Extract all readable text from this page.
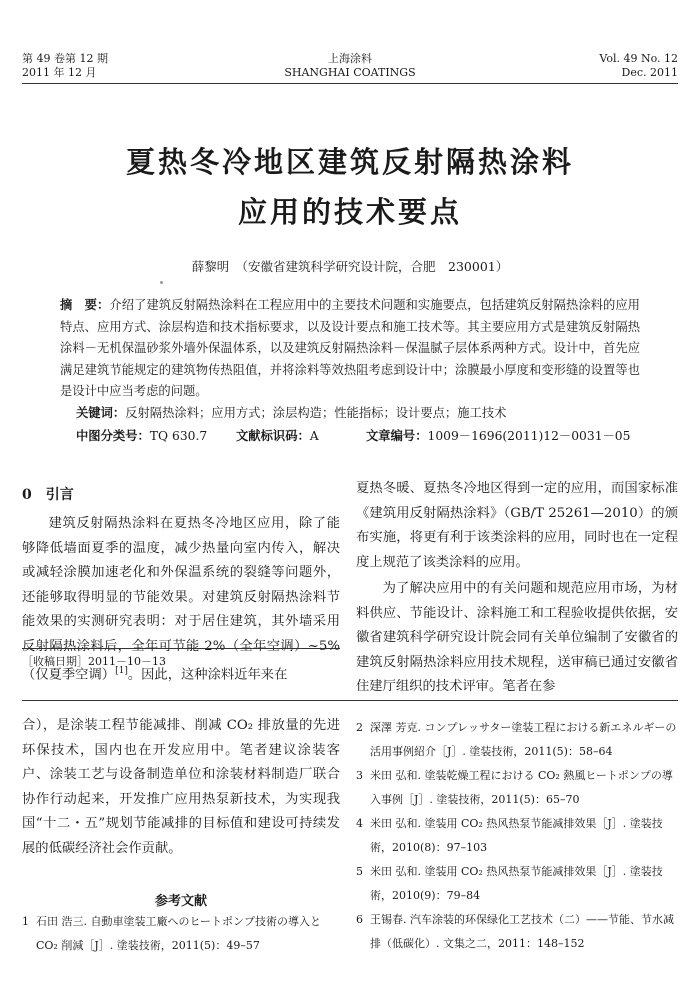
第 49 卷第 12 期
2011 年 12 月
上海涂料
SHANGHAI COATINGS
Vol. 49 No. 12
Dec. 2011
夏热冬冷地区建筑反射隔热涂料
应用的技术要点
薛黎明　（安徽省建筑科学研究设计院，合肥　230001）
摘　要：介绍了建筑反射隔热涂料在工程应用中的主要技术问题和实施要点，包括建筑反射隔热涂料的应用特点、应用方式、涂层构造和技术指标要求，以及设计要点和施工技术等。其主要应用方式是建筑反射隔热涂料－无机保温砂浆外墙外保温体系，以及建筑反射隔热涂料－保温腻子层体系两种方式。设计中，首先应满足建筑节能规定的建筑物传热阻值，并将涂料等效热阻考虑到设计中；涂膜最小厚度和变形缝的设置等也是设计中应当考虑的问题。
关键词：反射隔热涂料；应用方式；涂层构造；性能指标；设计要点；施工技术
中图分类号：TQ 630.7 文献标识码：A	文章编号：1009－1696(2011)12－0031－05
0　引言

建筑反射隔热涂料在夏热冬冷地区应用，除了能够降低墙面夏季的温度，减少热量向室内传入，解决或减轻涂膜加速老化和外保温系统的裂缝等问题外，还能够取得明显的节能效果。对建筑反射隔热涂料节能效果的实测研究表明：对于居住建筑，其外墙采用反射隔热涂料后，全年可节能 2%（全年空调）~5%（仅夏季空调）[1]。因此，这种涂料近年来在

夏热冬暖、夏热冬冷地区得到一定的应用，而国家标准《建筑用反射隔热涂料》（GB/T 25261—2010）的颁布实施，将更有利于该类涂料的应用，同时也在一定程度上规范了该类涂料的应用。

为了解决应用中的有关问题和规范应用市场，为材料供应、节能设计、涂料施工和工程验收提供依据，安徽省建筑科学研究设计院会同有关单位编制了安徽省的建筑反射隔热涂料应用技术规程，送审稿已通过安徽省住建厅组织的技术评审。笔者在参

［收稿日期］2011－10－13

合），是涂装工程节能减排、削减 CO₂ 排放量的先进环保技术，国内也在开发应用中。笔者建议涂装客户、涂装工艺与设备制造单位和涂装材料制造厂联合协作行动起来，开发推广应用热泵新技术，为实现我国“十二・五”规划节能减排的目标值和建设可持续发展的低碳经济社会作贡献。

参考文献
1 石田 浩三. 自動車塗装工廠へのヒートポンプ技術の導入と CO₂ 削減［J］. 塗装技術，2011(5)：49–57
2 深澤 芳克. コンプレッサター塗装工程における新エネルギーの活用事例紹介［J］. 塗装技術，2011(5)：58–64
3 米田 弘和. 塗装乾燥工程における CO₂ 熱風ヒートポンプの導入事例［J］. 塗装技術，2011(5)：65–70
4 米田 弘和. 塗装用 CO₂ 热风热泵节能减排效果［J］. 塗装技術，2010(8)：97–103
5 米田 弘和. 塗装用 CO₂ 热风热泵节能减排效果［J］. 塗装技術，2010(9)：79–84
6 王锡春. 汽车涂装的环保绿化工艺技术（二）——节能、节水减排（低碳化）. 文集之二，2011：148–152
